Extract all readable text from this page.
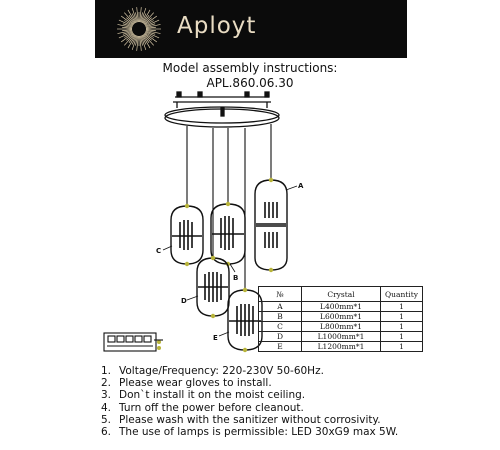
Aployt
Model assembly instructions:
APL.860.06.30
A
B
C
D
E
№	Crystal	Quantity
A	L400mm*1	1
B	L600mm*1	1
C	L800mm*1	1
D	L1000mm*1	1
E	L1200mm*1	1
1. Voltage/Frequency: 220-230V 50-60Hz.
2. Please wear gloves to install.
3. Don`t install it on the moist ceiling.
4. Turn off the power before cleanout.
5. Please wash with the sanitizer without corrosivity.
6. The use of lamps is permissible: LED 30xG9 max 5W.
